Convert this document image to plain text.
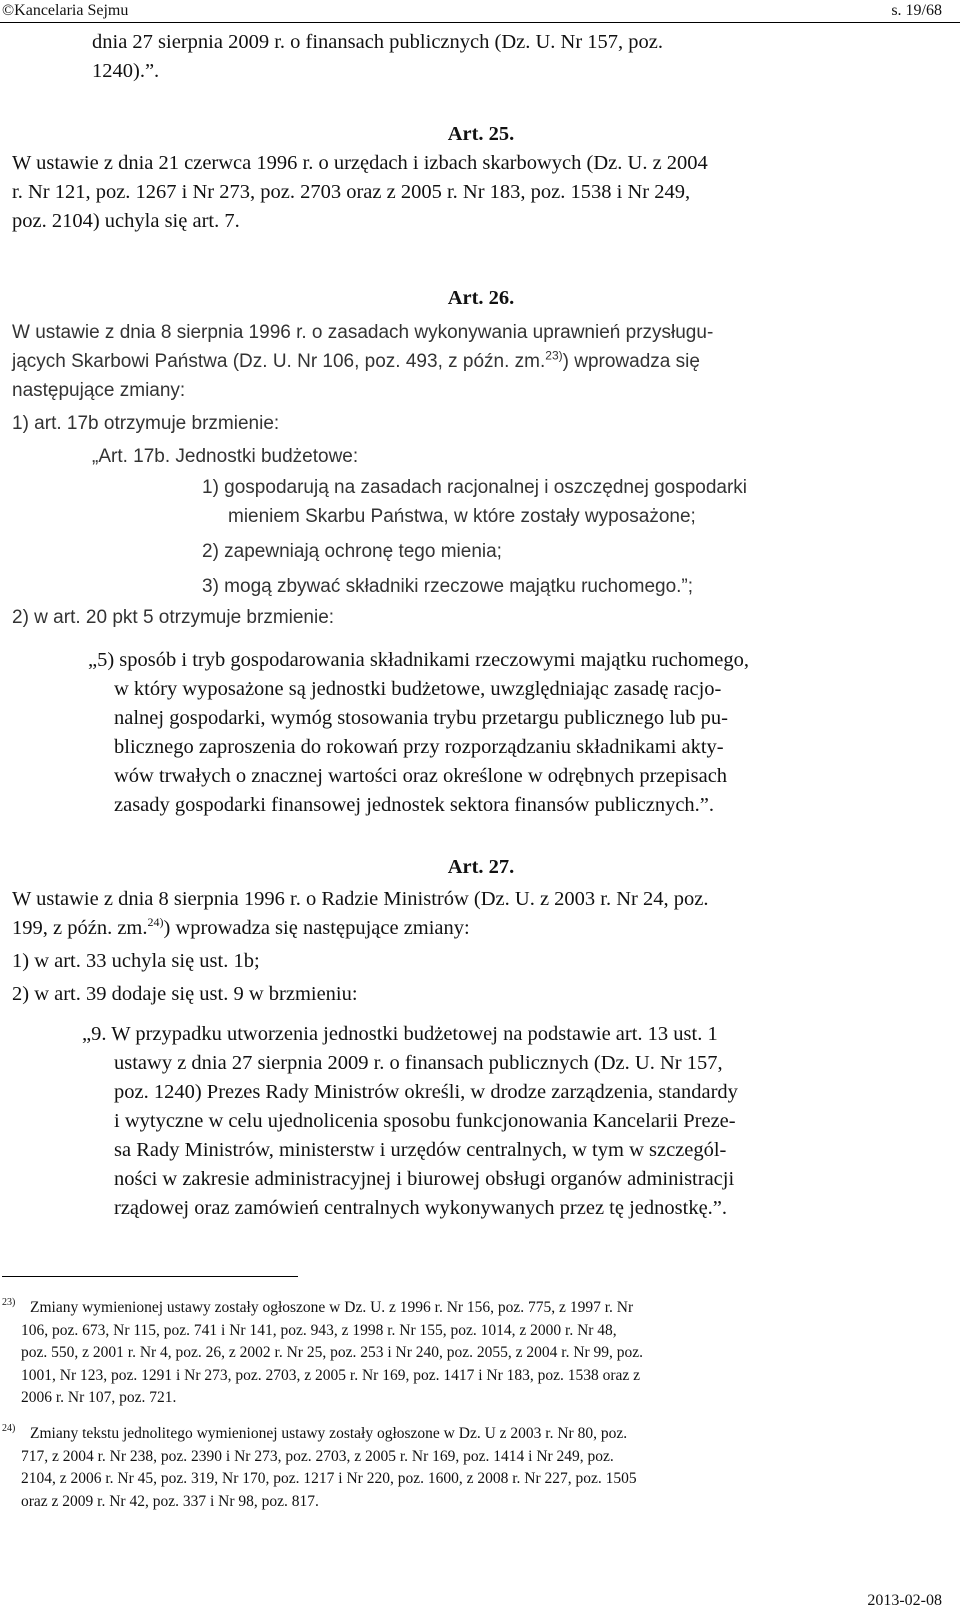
©Kancelaria Sejmu	s. 19/68
dnia 27 sierpnia 2009 r. o finansach publicznych (Dz. U. Nr 157, poz.
1240).”.
Art. 25.
W ustawie z dnia 21 czerwca 1996 r. o urzędach i izbach skarbowych (Dz. U. z 2004
r. Nr 121, poz. 1267 i Nr 273, poz. 2703 oraz z 2005 r. Nr 183, poz. 1538 i Nr 249,
poz. 2104) uchyla się art. 7.
Art. 26.
W ustawie z dnia 8 sierpnia 1996 r. o zasadach wykonywania uprawnień przysługu-
jących Skarbowi Państwa (Dz. U. Nr 106, poz. 493, z późn. zm.$^{23)}$) wprowadza się
następujące zmiany:
1) art. 17b otrzymuje brzmienie:
„Art. 17b. Jednostki budżetowe:
1) gospodarują na zasadach racjonalnej i oszczędnej gospodarki
mieniem Skarbu Państwa, w które zostały wyposażone;
2) zapewniają ochronę tego mienia;
3) mogą zbywać składniki rzeczowe majątku ruchomego.”;
2) w art. 20 pkt 5 otrzymuje brzmienie:
„5) sposób i tryb gospodarowania składnikami rzeczowymi majątku ruchomego,
w który wyposażone są jednostki budżetowe, uwzględniając zasadę racjo-
nalnej gospodarki, wymóg stosowania trybu przetargu publicznego lub pu-
blicznego zaproszenia do rokowań przy rozporządzaniu składnikami akty-
wów trwałych o znacznej wartości oraz określone w odrębnych przepisach
zasady gospodarki finansowej jednostek sektora finansów publicznych.”.
Art. 27.
W ustawie z dnia 8 sierpnia 1996 r. o Radzie Ministrów (Dz. U. z 2003 r. Nr 24, poz.
199, z późn. zm.$^{24)}$) wprowadza się następujące zmiany:
1) w art. 33 uchyla się ust. 1b;
2) w art. 39 dodaje się ust. 9 w brzmieniu:
„9. W przypadku utworzenia jednostki budżetowej na podstawie art. 13 ust. 1
ustawy z dnia 27 sierpnia 2009 r. o finansach publicznych (Dz. U. Nr 157,
poz. 1240) Prezes Rady Ministrów określi, w drodze zarządzenia, standardy
i wytyczne w celu ujednolicenia sposobu funkcjonowania Kancelarii Preze-
sa Rady Ministrów, ministerstw i urzędów centralnych, w tym w szczegól-
ności w zakresie administracyjnej i biurowej obsługi organów administracji
rządowej oraz zamówień centralnych wykonywanych przez tę jednostkę.”.
23) Zmiany wymienionej ustawy zostały ogłoszone w Dz. U. z 1996 r. Nr 156, poz. 775, z 1997 r. Nr
106, poz. 673, Nr 115, poz. 741 i Nr 141, poz. 943, z 1998 r. Nr 155, poz. 1014, z 2000 r. Nr 48,
poz. 550, z 2001 r. Nr 4, poz. 26, z 2002 r. Nr 25, poz. 253 i Nr 240, poz. 2055, z 2004 r. Nr 99, poz.
1001, Nr 123, poz. 1291 i Nr 273, poz. 2703, z 2005 r. Nr 169, poz. 1417 i Nr 183, poz. 1538 oraz z
2006 r. Nr 107, poz. 721.
24) Zmiany tekstu jednolitego wymienionej ustawy zostały ogłoszone w Dz. U z 2003 r. Nr 80, poz.
717, z 2004 r. Nr 238, poz. 2390 i Nr 273, poz. 2703, z 2005 r. Nr 169, poz. 1414 i Nr 249, poz.
2104, z 2006 r. Nr 45, poz. 319, Nr 170, poz. 1217 i Nr 220, poz. 1600, z 2008 r. Nr 227, poz. 1505
oraz z 2009 r. Nr 42, poz. 337 i Nr 98, poz. 817.
2013-02-08
